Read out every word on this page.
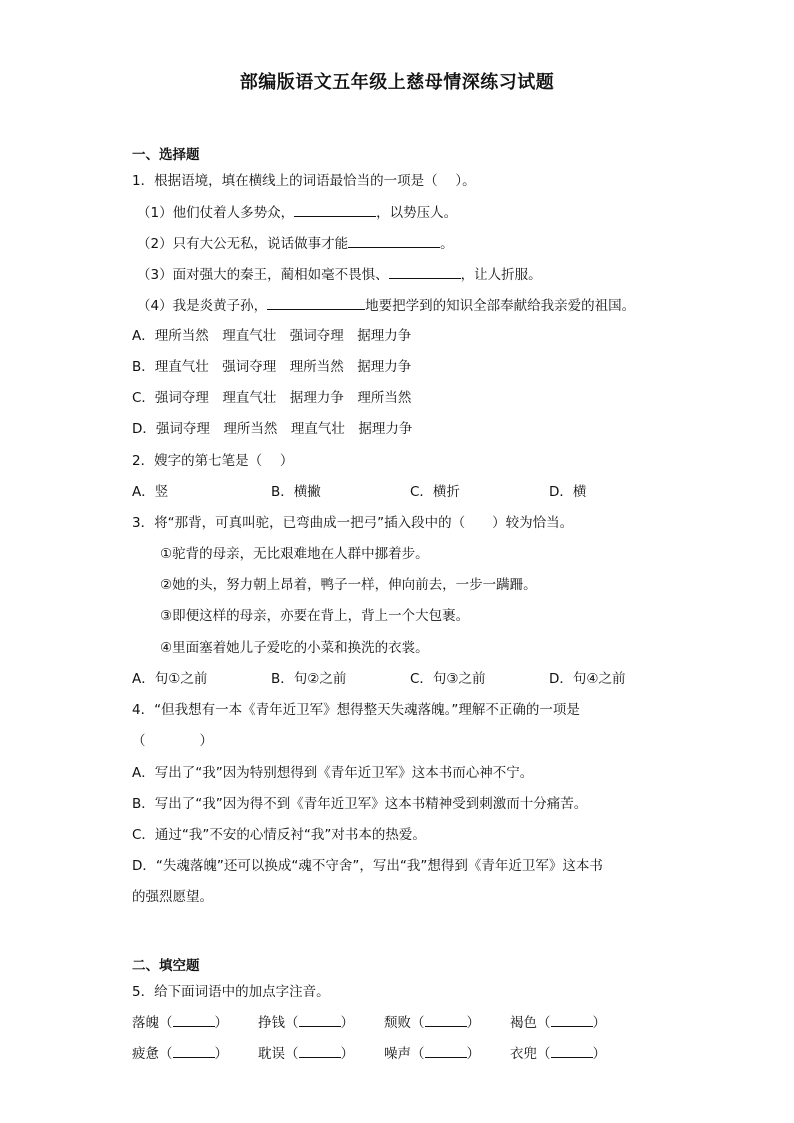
部编版语文五年级上慈母情深练习试题
一、选择题
1．根据语境，填在横线上的词语最恰当的一项是（　 ）。
（1）他们仗着人多势众，	，以势压人。
（2）只有大公无私，说话做事才能	。
（3）面对强大的秦王，蔺相如毫不畏惧、	，让人折服。
（4）我是炎黄子孙，	地要把学到的知识全部奉献给我亲爱的祖国。
A．理所当然　理直气壮　强词夺理　据理力争
B．理直气壮　强词夺理　理所当然　据理力争
C．强词夺理　理直气壮　据理力争　理所当然
D．强词夺理　理所当然　理直气壮　据理力争
2．嫂字的第七笔是（　 ）
A．竖	B．横撇	C．横折	D．横
3．将“那背，可真叫驼，已弯曲成一把弓”插入段中的（　　）较为恰当。
①驼背的母亲，无比艰难地在人群中挪着步。
②她的头，努力朝上昂着，鸭子一样，伸向前去，一步一蹒跚。
③即便这样的母亲，亦要在背上，背上一个大包裹。
④里面塞着她儿子爱吃的小菜和换洗的衣裳。
A．句①之前	B．句②之前	C．句③之前	D．句④之前
4．“但我想有一本《青年近卫军》想得整天失魂落魄。”理解不正确的一项是
（　　　　）
A．写出了“我”因为特别想得到《青年近卫军》这本书而心神不宁。
B．写出了“我”因为得不到《青年近卫军》这本书精神受到刺激而十分痛苦。
C．通过“我”不安的心情反衬“我”对书本的热爱。
D．“失魂落魄”还可以换成“魂不守舍”，写出“我”想得到《青年近卫军》这本书
的强烈愿望。
二、填空题
5．给下面词语中的加点字注音。
落魄（	）	挣钱（	）	颓败（	）	褐色（	）
疲惫（	）	耽误（	）	噪声（	）	衣兜（	）
